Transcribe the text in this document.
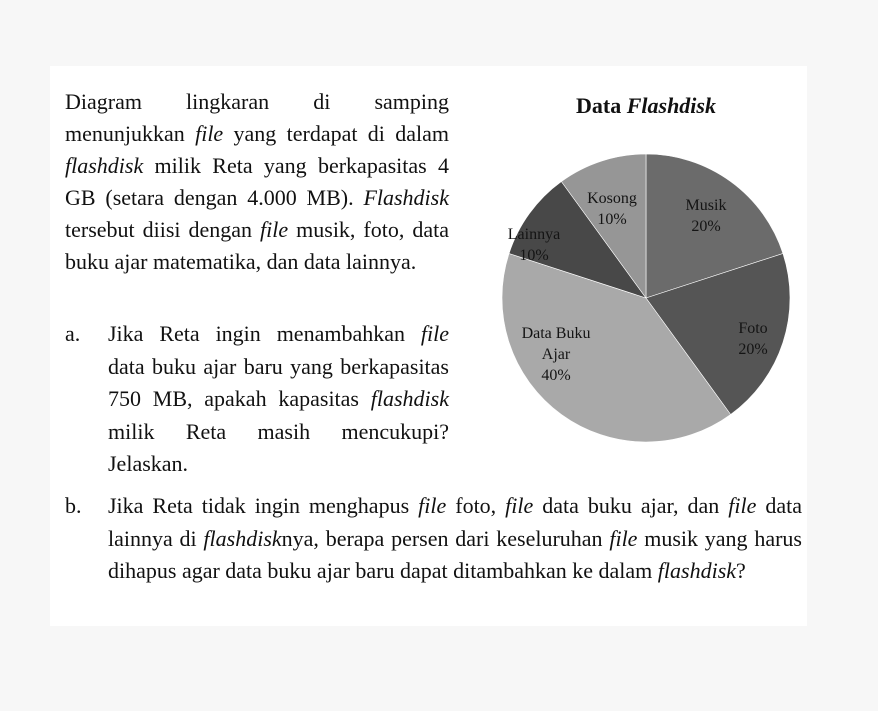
Diagram lingkaran di samping menunjukkan file yang terdapat di dalam flashdisk milik Reta yang berkapasitas 4 GB (setara dengan 4.000 MB). Flashdisk tersebut diisi dengan file musik, foto, data buku ajar matematika, dan data lainnya.
a. Jika Reta ingin menambahkan file data buku ajar baru yang berkapasitas 750 MB, apakah kapasitas flashdisk milik Reta masih mencukupi? Jelaskan.
b. Jika Reta tidak ingin menghapus file foto, file data buku ajar, dan file data lainnya di flashdisknya, berapa persen dari keseluruhan file musik yang harus dihapus agar data buku ajar baru dapat ditambahkan ke dalam flashdisk?
Data Flashdisk
Musik 20%
Foto 20%
Data Buku Ajar 40%
Lainnya 10%
Kosong 10%
